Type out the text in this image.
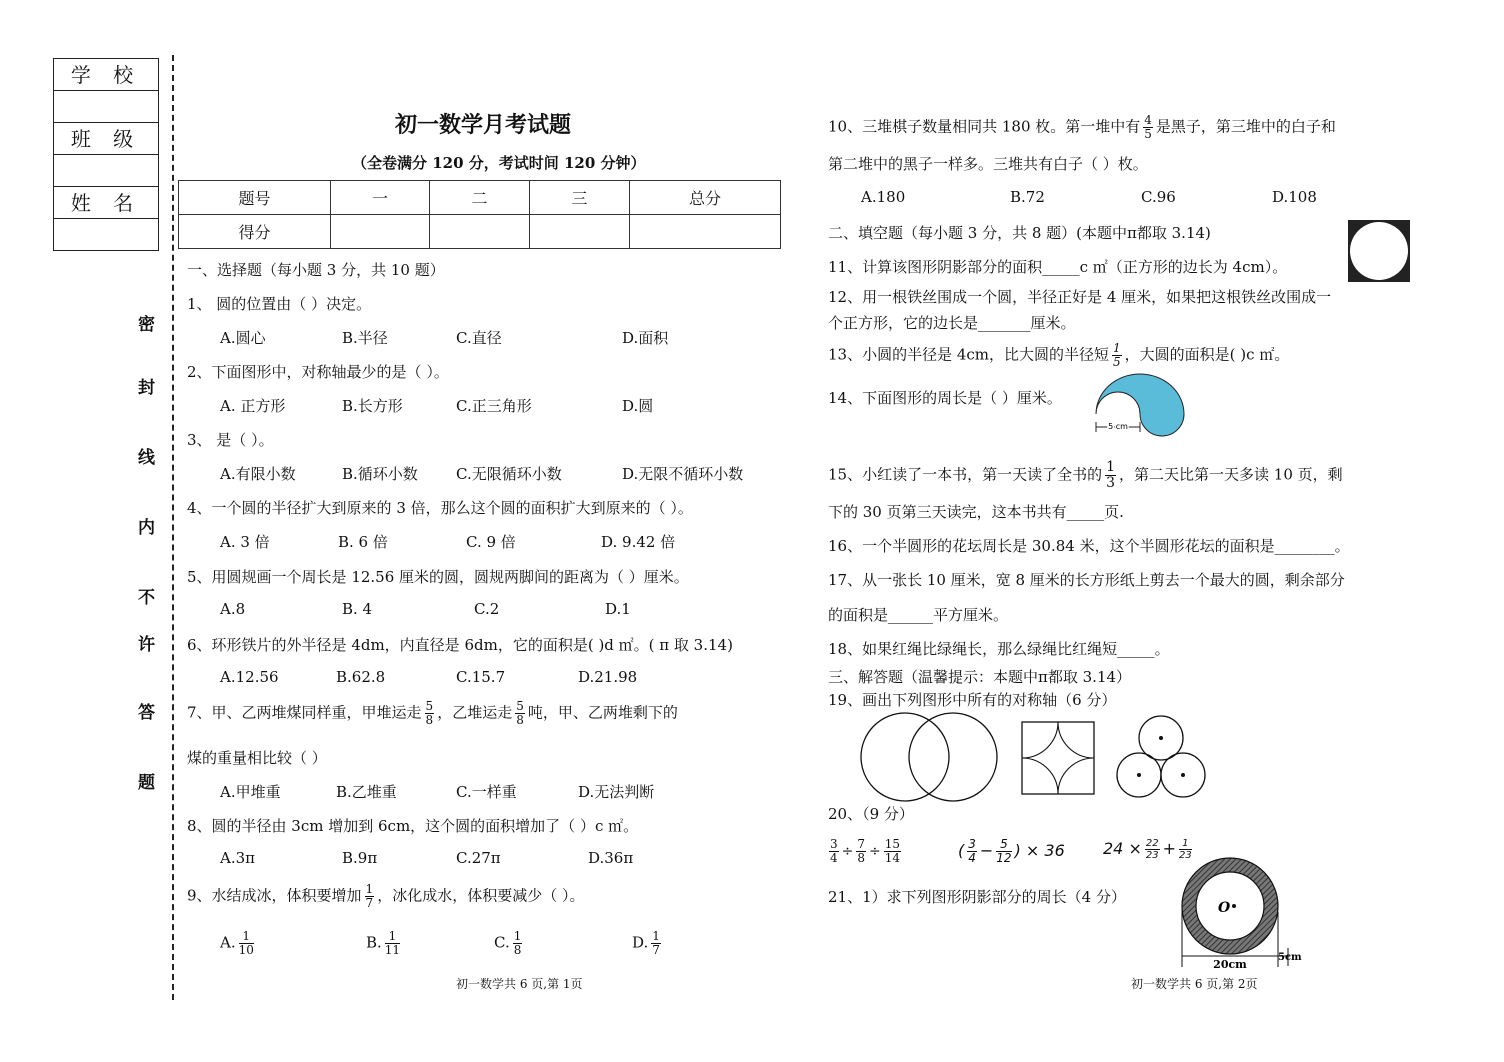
学 校
班 级
姓 名
密
封
线
内
不
许
答
题
初一数学月考试题
（全卷满分 120 分，考试时间 120 分钟）
题号	一	二	三	总分
得分				
一、选择题（每小题 3 分，共 10 题）
1、 圆的位置由（ ）决定。
A.圆心	B.半径	C.直径	D.面积
2、下面图形中，对称轴最少的是（ ）。
A. 正方形	B.长方形	C.正三角形	D.圆
3、 是（ ）。
A.有限小数	B.循环小数	C.无限循环小数	D.无限不循环小数
4、一个圆的半径扩大到原来的 3 倍，那么这个圆的面积扩大到原来的（ ）。
A. 3 倍	B. 6 倍	C. 9 倍	D. 9.42 倍
5、用圆规画一个周长是 12.56 厘米的圆，圆规两脚间的距离为（ ）厘米。
A.8	B. 4	C.2	D.1
6、环形铁片的外半径是 4dm，内直径是 6dm，它的面积是( )d ㎡。( π 取 3.14)
A.12.56	B.62.8	C.15.7	D.21.98
7、甲、乙两堆煤同样重，甲堆运走 $\frac{5}{8}$ ，乙堆运走 $\frac{5}{8}$ 吨，甲、乙两堆剩下的
煤的重量相比较（ ）
A.甲堆重	B.乙堆重	C.一样重	D.无法判断
8、圆的半径由 3cm 增加到 6cm，这个圆的面积增加了（ ）c ㎡。
A.3π	B.9π	C.27π	D.36π
9、水结成冰，体积要增加 $\frac{1}{7}$ ，冰化成水，体积要减少（ ）。
A. $\frac{1}{10}$	B. $\frac{1}{11}$	C. $\frac{1}{8}$	D. $\frac{1}{7}$
初一数学共 6 页,第 1页
10、三堆棋子数量相同共 180 枚。第一堆中有 $\frac{4}{5}$ 是黑子，第三堆中的白子和
第二堆中的黑子一样多。三堆共有白子（ ）枚。
A.180	B.72	C.96	D.108
二、填空题（每小题 3 分，共 8 题）(本题中π都取 3.14)
11、计算该图形阴影部分的面积_____c ㎡（正方形的边长为 4cm）。
12、用一根铁丝围成一个圆，半径正好是 4 厘米，如果把这根铁丝改围成一
个正方形，它的边长是_______厘米。
13、小圆的半径是 4cm，比大圆的半径短 $\frac{1}{5}$ ，大圆的面积是( )c ㎡。
14、下面图形的周长是（ ）厘米。
5 cm
15、小红读了一本书，第一天读了全书的 $\frac{1}{3}$ ，第二天比第一天多读 10 页，剩
下的 30 页第三天读完，这本书共有_____页.
16、一个半圆形的花坛周长是 30.84 米，这个半圆形花坛的面积是________。
17、从一张长 10 厘米，宽 8 厘米的长方形纸上剪去一个最大的圆，剩余部分
的面积是______平方厘米。
18、如果红绳比绿绳长，那么绿绳比红绳短_____。
三、解答题（温馨提示：本题中π都取 3.14）
19、画出下列图形中所有的对称轴（6 分）
20、（9 分）
$\frac{3}{4} \div \frac{7}{8} \div \frac{15}{14}$	( $\frac{3}{4} - \frac{5}{12}$ ) × 36 $24 \times \frac{22}{23} + \frac{1}{23}$
21、1）求下列图形阴影部分的周长（4 分）
O
20cm
5cm
初一数学共 6 页,第 2页
